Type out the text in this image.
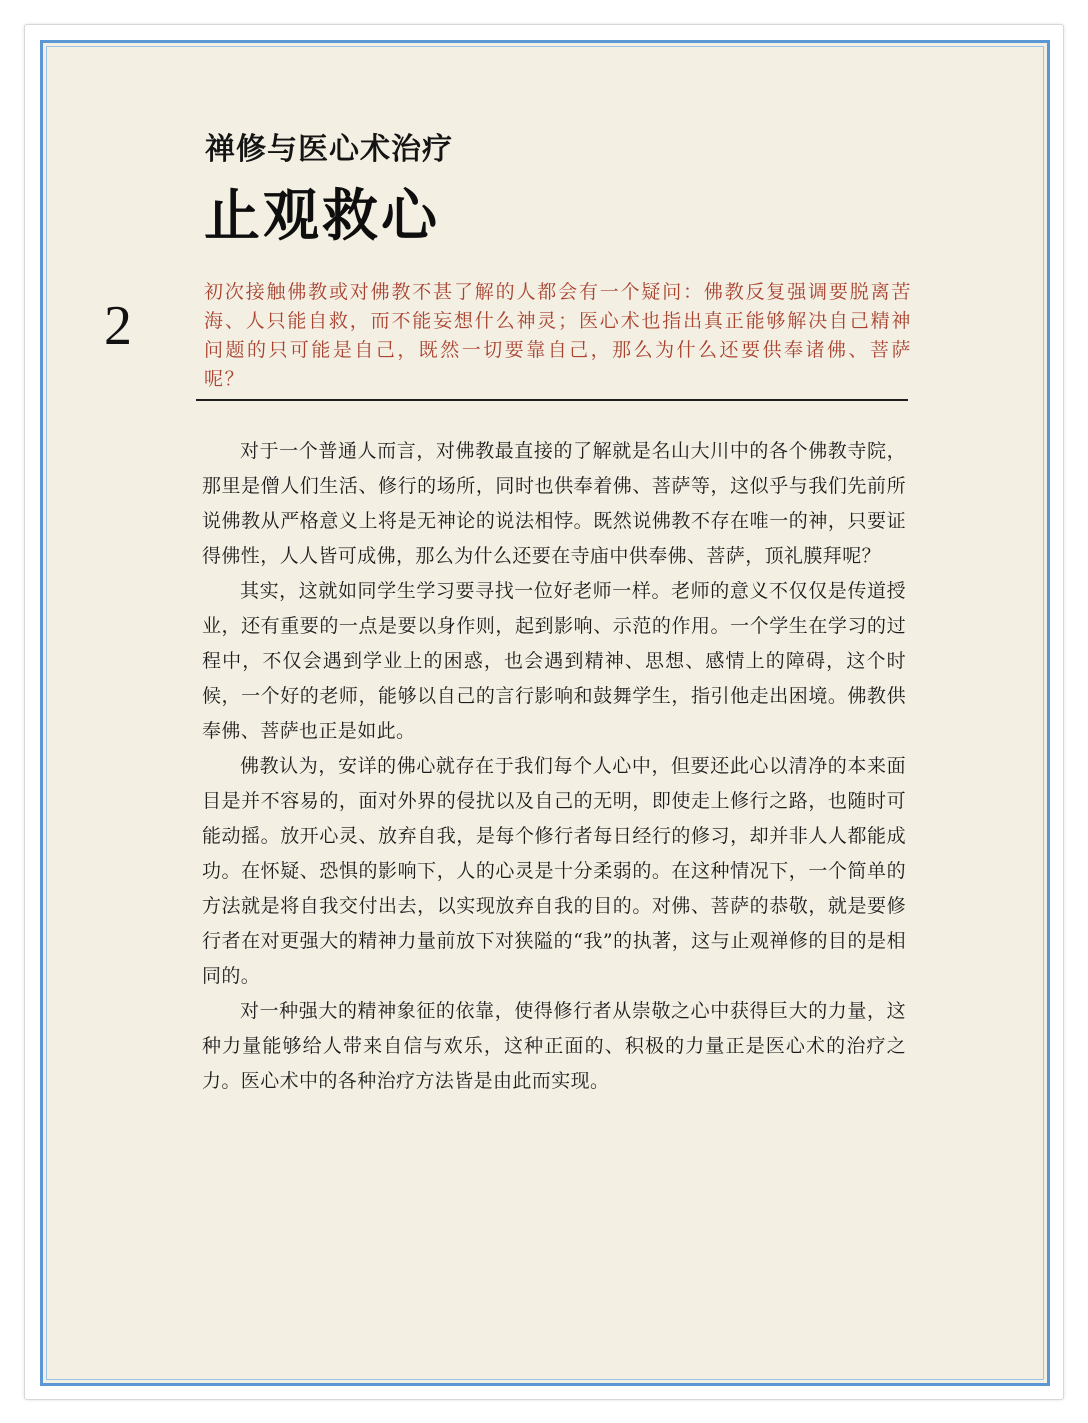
禅修与医心术治疗
止观救心
2

初次接触佛教或对佛教不甚了解的人都会有一个疑问：佛教反复强调要脱离苦海、人只能自救，而不能妄想什么神灵；医心术也指出真正能够解决自己精神问题的只可能是自己，既然一切要靠自己，那么为什么还要供奉诸佛、菩萨呢？

对于一个普通人而言，对佛教最直接的了解就是名山大川中的各个佛教寺院，那里是僧人们生活、修行的场所，同时也供奉着佛、菩萨等，这似乎与我们先前所说佛教从严格意义上将是无神论的说法相悖。既然说佛教不存在唯一的神，只要证得佛性，人人皆可成佛，那么为什么还要在寺庙中供奉佛、菩萨，顶礼膜拜呢？

其实，这就如同学生学习要寻找一位好老师一样。老师的意义不仅仅是传道授业，还有重要的一点是要以身作则，起到影响、示范的作用。一个学生在学习的过程中，不仅会遇到学业上的困惑，也会遇到精神、思想、感情上的障碍，这个时候，一个好的老师，能够以自己的言行影响和鼓舞学生，指引他走出困境。佛教供奉佛、菩萨也正是如此。

佛教认为，安详的佛心就存在于我们每个人心中，但要还此心以清净的本来面目是并不容易的，面对外界的侵扰以及自己的无明，即使走上修行之路，也随时可能动摇。放开心灵、放弃自我，是每个修行者每日经行的修习，却并非人人都能成功。在怀疑、恐惧的影响下，人的心灵是十分柔弱的。在这种情况下，一个简单的方法就是将自我交付出去，以实现放弃自我的目的。对佛、菩萨的恭敬，就是要修行者在对更强大的精神力量前放下对狭隘的“我”的执著，这与止观禅修的目的是相同的。

对一种强大的精神象征的依靠，使得修行者从崇敬之心中获得巨大的力量，这种力量能够给人带来自信与欢乐，这种正面的、积极的力量正是医心术的治疗之力。医心术中的各种治疗方法皆是由此而实现。
